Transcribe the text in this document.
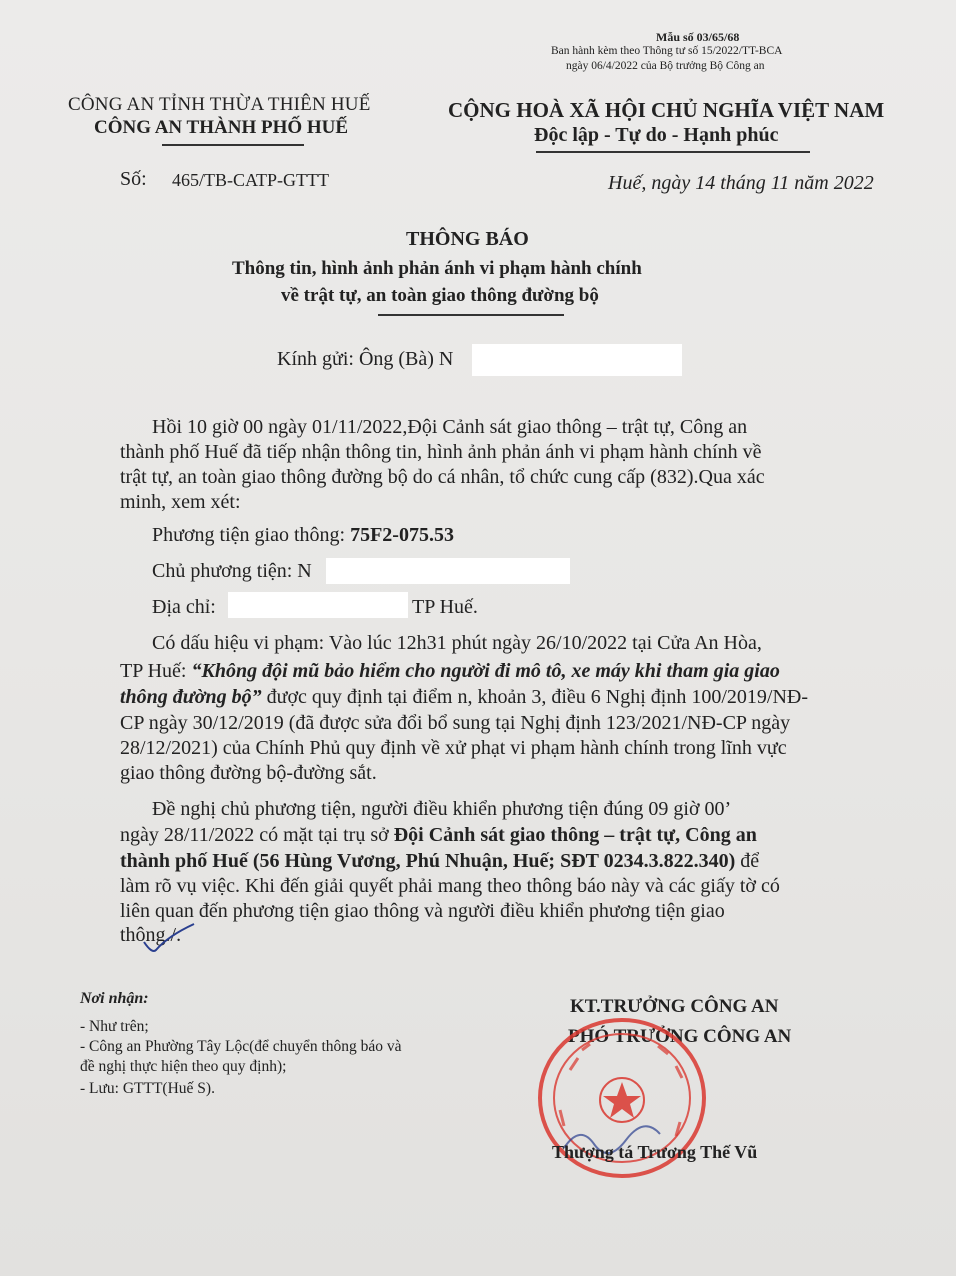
Mẫu số 03/65/68
Ban hành kèm theo Thông tư số 15/2022/TT-BCA
ngày 06/4/2022 của Bộ trưởng Bộ Công an
CÔNG AN TỈNH THỪA THIÊN HUẾ
CÔNG AN THÀNH PHỐ HUẾ
CỘNG HOÀ XÃ HỘI CHỦ NGHĨA VIỆT NAM
Độc lập - Tự do - Hạnh phúc
Số: 465/TB-CATP-GTTT	Huế, ngày 14 tháng 11 năm 2022
THÔNG BÁO
Thông tin, hình ảnh phản ánh vi phạm hành chính
về trật tự, an toàn giao thông đường bộ
Kính gửi: Ông (Bà) N
Hồi 10 giờ 00 ngày 01/11/2022,Đội Cảnh sát giao thông – trật tự, Công an
thành phố Huế đã tiếp nhận thông tin, hình ảnh phản ánh vi phạm hành chính về
trật tự, an toàn giao thông đường bộ do cá nhân, tổ chức cung cấp (832).Qua xác
minh, xem xét:
Phương tiện giao thông: 75F2-075.53
Chủ phương tiện: N
Địa chỉ:	TP Huế.
Có dấu hiệu vi phạm: Vào lúc 12h31 phút ngày 26/10/2022 tại Cửa An Hòa,
TP Huế: “Không đội mũ bảo hiểm cho người đi mô tô, xe máy khi tham gia giao
thông đường bộ” được quy định tại điểm n, khoản 3, điều 6 Nghị định 100/2019/NĐ-
CP ngày 30/12/2019 (đã được sửa đổi bổ sung tại Nghị định 123/2021/NĐ-CP ngày
28/12/2021) của Chính Phủ quy định về xử phạt vi phạm hành chính trong lĩnh vực
giao thông đường bộ-đường sắt.
Đề nghị chủ phương tiện, người điều khiển phương tiện đúng 09 giờ 00’
ngày 28/11/2022 có mặt tại trụ sở Đội Cảnh sát giao thông – trật tự, Công an
thành phố Huế (56 Hùng Vương, Phú Nhuận, Huế; SĐT 0234.3.822.340) để
làm rõ vụ việc. Khi đến giải quyết phải mang theo thông báo này và các giấy tờ có
liên quan đến phương tiện giao thông và người điều khiển phương tiện giao
thông./.
Nơi nhận:
- Như trên;
- Công an Phường Tây Lộc(để chuyển thông báo và
đề nghị thực hiện theo quy định);
- Lưu: GTTT(Huế S).
KT.TRƯỞNG CÔNG AN
PHÓ TRƯỞNG CÔNG AN
Thượng tá Trương Thế Vũ
